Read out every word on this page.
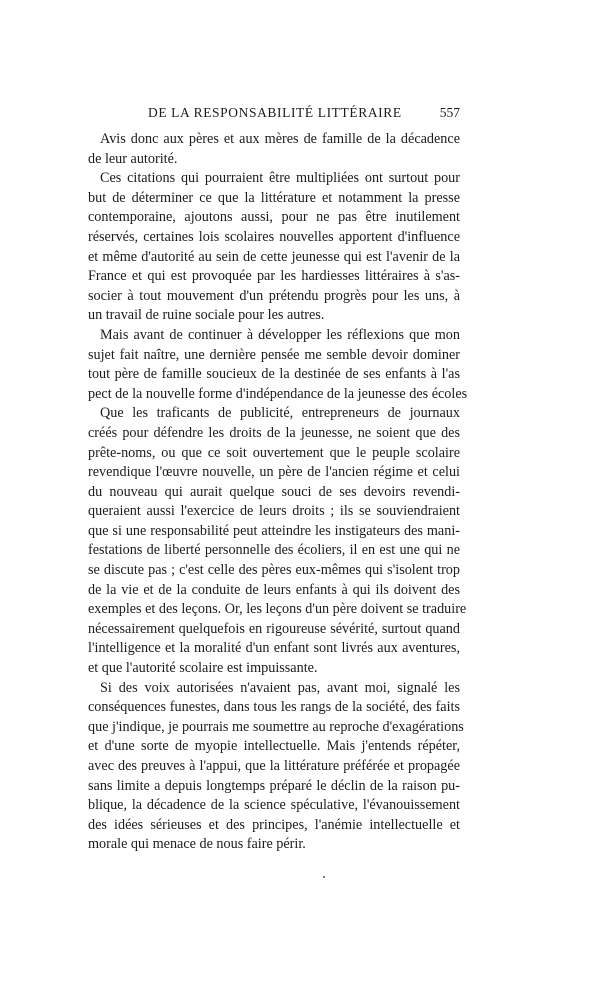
DE LA RESPONSABILITÉ LITTÉRAIRE	557
Avis donc aux pères et aux mères de famille de la décadence
de leur autorité.
Ces citations qui pourraient être multipliées ont surtout pour
but de déterminer ce que la littérature et notamment la presse
contemporaine, ajoutons aussi, pour ne pas être inutilement
réservés, certaines lois scolaires nouvelles apportent d'influence
et même d'autorité au sein de cette jeunesse qui est l'avenir de la
France et qui est provoquée par les hardiesses littéraires à s'as-
socier à tout mouvement d'un prétendu progrès pour les uns, à
un travail de ruine sociale pour les autres.
Mais avant de continuer à développer les réflexions que mon
sujet fait naître, une dernière pensée me semble devoir dominer
tout père de famille soucieux de la destinée de ses enfants à l'as
pect de la nouvelle forme d'indépendance de la jeunesse des écoles
Que les traficants de publicité, entrepreneurs de journaux
créés pour défendre les droits de la jeunesse, ne soient que des
prête-noms, ou que ce soit ouvertement que le peuple scolaire
revendique l'œuvre nouvelle, un père de l'ancien régime et celui
du nouveau qui aurait quelque souci de ses devoirs revendi-
queraient aussi l'exercice de leurs droits ; ils se souviendraient
que si une responsabilité peut atteindre les instigateurs des mani-
festations de liberté personnelle des écoliers, il en est une qui ne
se discute pas ; c'est celle des pères eux-mêmes qui s'isolent trop
de la vie et de la conduite de leurs enfants à qui ils doivent des
exemples et des leçons. Or, les leçons d'un père doivent se traduire
nécessairement quelquefois en rigoureuse sévérité, surtout quand
l'intelligence et la moralité d'un enfant sont livrés aux aventures,
et que l'autorité scolaire est impuissante.
Si des voix autorisées n'avaient pas, avant moi, signalé les
conséquences funestes, dans tous les rangs de la société, des faits
que j'indique, je pourrais me soumettre au reproche d'exagérations
et d'une sorte de myopie intellectuelle. Mais j'entends répéter,
avec des preuves à l'appui, que la littérature préférée et propagée
sans limite a depuis longtemps préparé le déclin de la raison pu-
blique, la décadence de la science spéculative, l'évanouissement
des idées sérieuses et des principes, l'anémie intellectuelle et
morale qui menace de nous faire périr.
